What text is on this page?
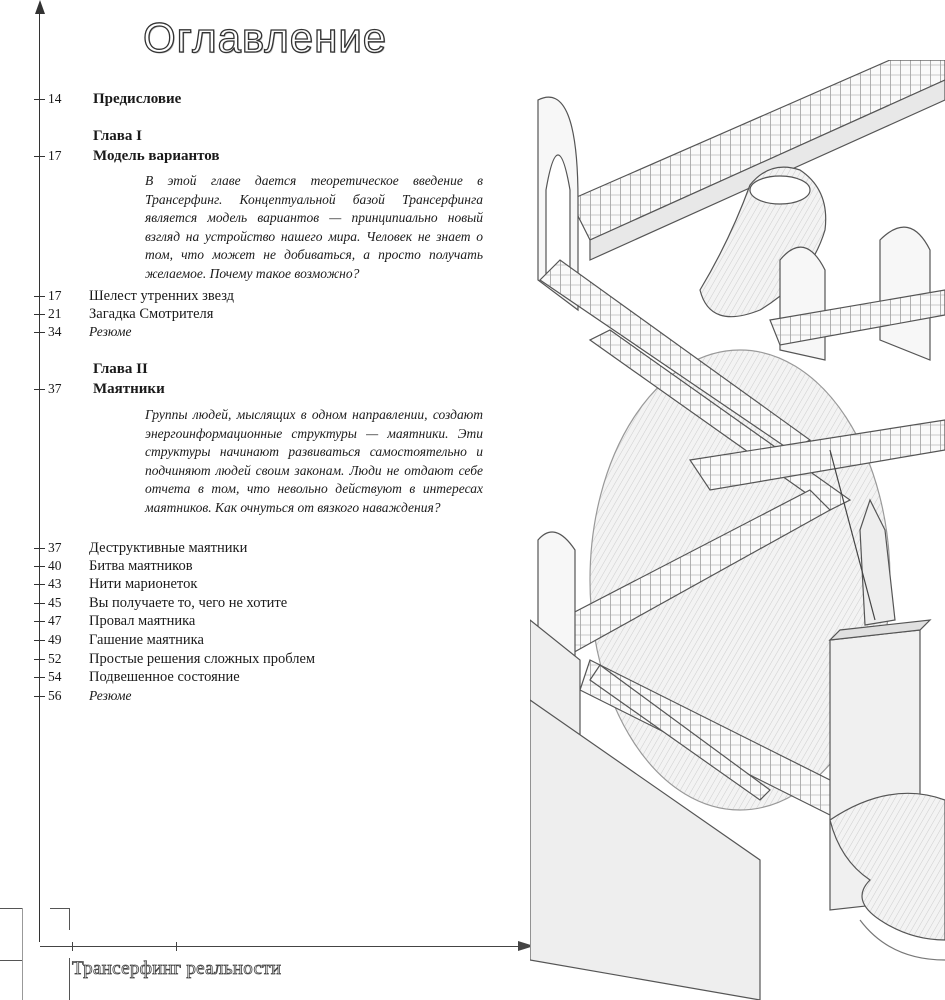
Оглавление
14 Предисловие
Глава I
17 Модель вариантов
В этой главе дается теоретическое введение в Трансерфинг. Концептуальной базой Трансерфинга является модель вариантов — принципиально новый взгляд на устройство нашего мира. Человек не знает о том, что может не добиваться, а просто получать желаемое. Почему такое возможно?
17 Шелест утренних звезд
21 Загадка Смотрителя
34 Резюме
Глава II
37 Маятники
Группы людей, мыслящих в одном направлении, создают энергоинформационные структуры — маятники. Эти структуры начинают развиваться самостоятельно и подчиняют людей своим законам. Люди не отдают себе отчета в том, что невольно действуют в интересах маятников. Как очнуться от вязкого наваждения?
37 Деструктивные маятники
40 Битва маятников
43 Нити марионеток
45 Вы получаете то, чего не хотите
47 Провал маятника
49 Гашение маятника
52 Простые решения сложных проблем
54 Подвешенное состояние
56 Резюме
Трансерфинг реальности
